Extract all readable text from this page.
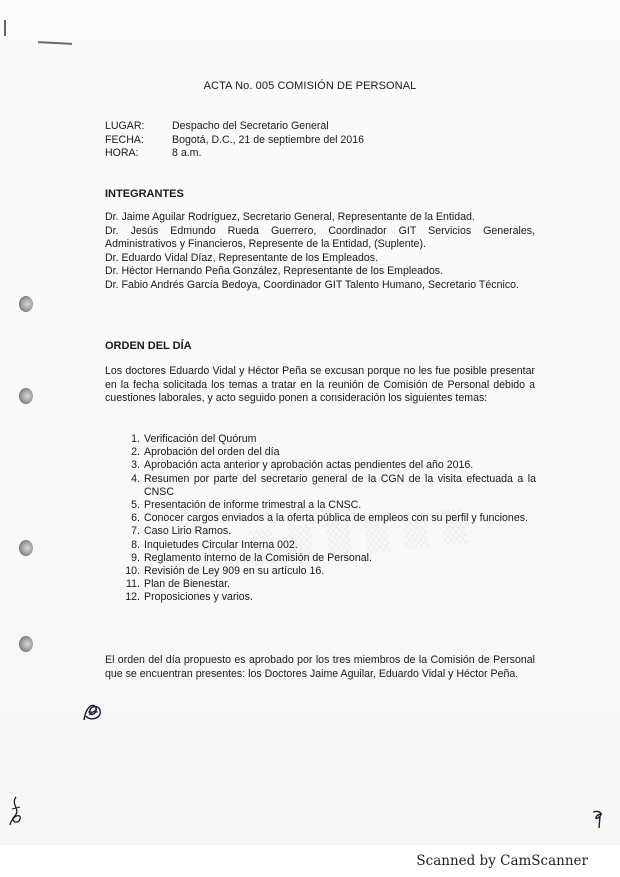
ACTA No. 005 COMISIÓN DE PERSONAL
LUGAR:	Despacho del Secretario General
FECHA:	Bogotá, D.C., 21 de septiembre del 2016
HORA:	8 a.m.
INTEGRANTES

Dr. Jaime Aguilar Rodríguez, Secretario General, Representante de la Entidad.

Dr. Jesús Edmundo Rueda Guerrero, Coordinador GIT Servicios Generales, Administrativos y Financieros, Represente de la Entidad, (Suplente).

Dr. Eduardo Vidal Díaz, Representante de los Empleados.

Dr. Héctor Hernando Peña González, Representante de los Empleados.

Dr. Fabio Andrés García Bedoya, Coordinador GIT Talento Humano, Secretario Técnico.

ORDEN DEL DÍA
Los doctores Eduardo Vidal y Héctor Peña se excusan porque no les fue posible presentar en la fecha solicitada los temas a tratar en la reunión de Comisión de Personal debido a cuestiones laborales, y acto seguido ponen a consideración los siguientes temas:
1. Verificación del Quórum
2. Aprobación del orden del día
3. Aprobación acta anterior y aprobación actas pendientes del año 2016.
4. Resumen por parte del secretario general de la CGN de la visita efectuada a la CNSC
5. Presentación de informe trimestral a la CNSC.
6. Conocer cargos enviados a la oferta pública de empleos con su perfil y funciones.
7. Caso Lirio Ramos.
8. Inquietudes Circular Interna 002.
9. Reglamento interno de la Comisión de Personal.
10. Revisión de Ley 909 en su artículo 16.
11. Plan de Bienestar.
12. Proposiciones y varios.
El orden del día propuesto es aprobado por los tres miembros de la Comisión de Personal que se encuentran presentes: los Doctores Jaime Aguilar, Eduardo Vidal y Héctor Peña.
Scanned by CamScanner
